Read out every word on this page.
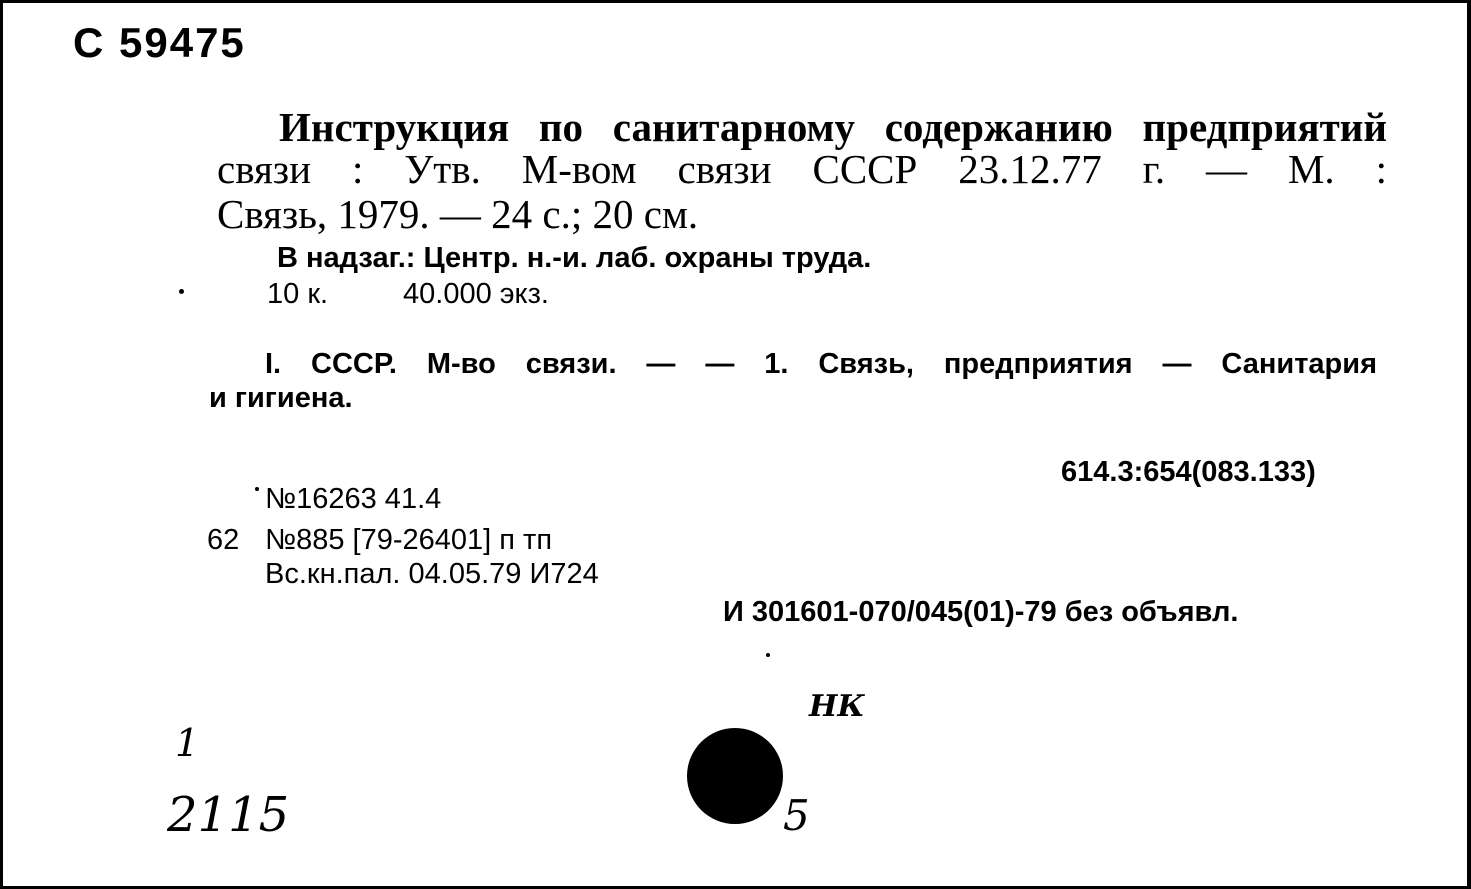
С 59475
Инструкция по санитарному содержанию предприятий
связи : Утв. М-вом связи СССР 23.12.77 г. — М. :
Связь, 1979. — 24 с.; 20 см.
В надзаг.: Центр. н.-и. лаб. охраны труда.
10 к.	40.000 экз.
I. СССР. М-во связи. — — 1. Связь, предприятия — Санитария
и гигиена.
614.3:654(083.133)
№16263 41.4
62 №885 [79-26401] п тп
Вс.кн.пал. 04.05.79 И724
И 301601-070/045(01)-79 без объявл.
1
2115
НК
5
